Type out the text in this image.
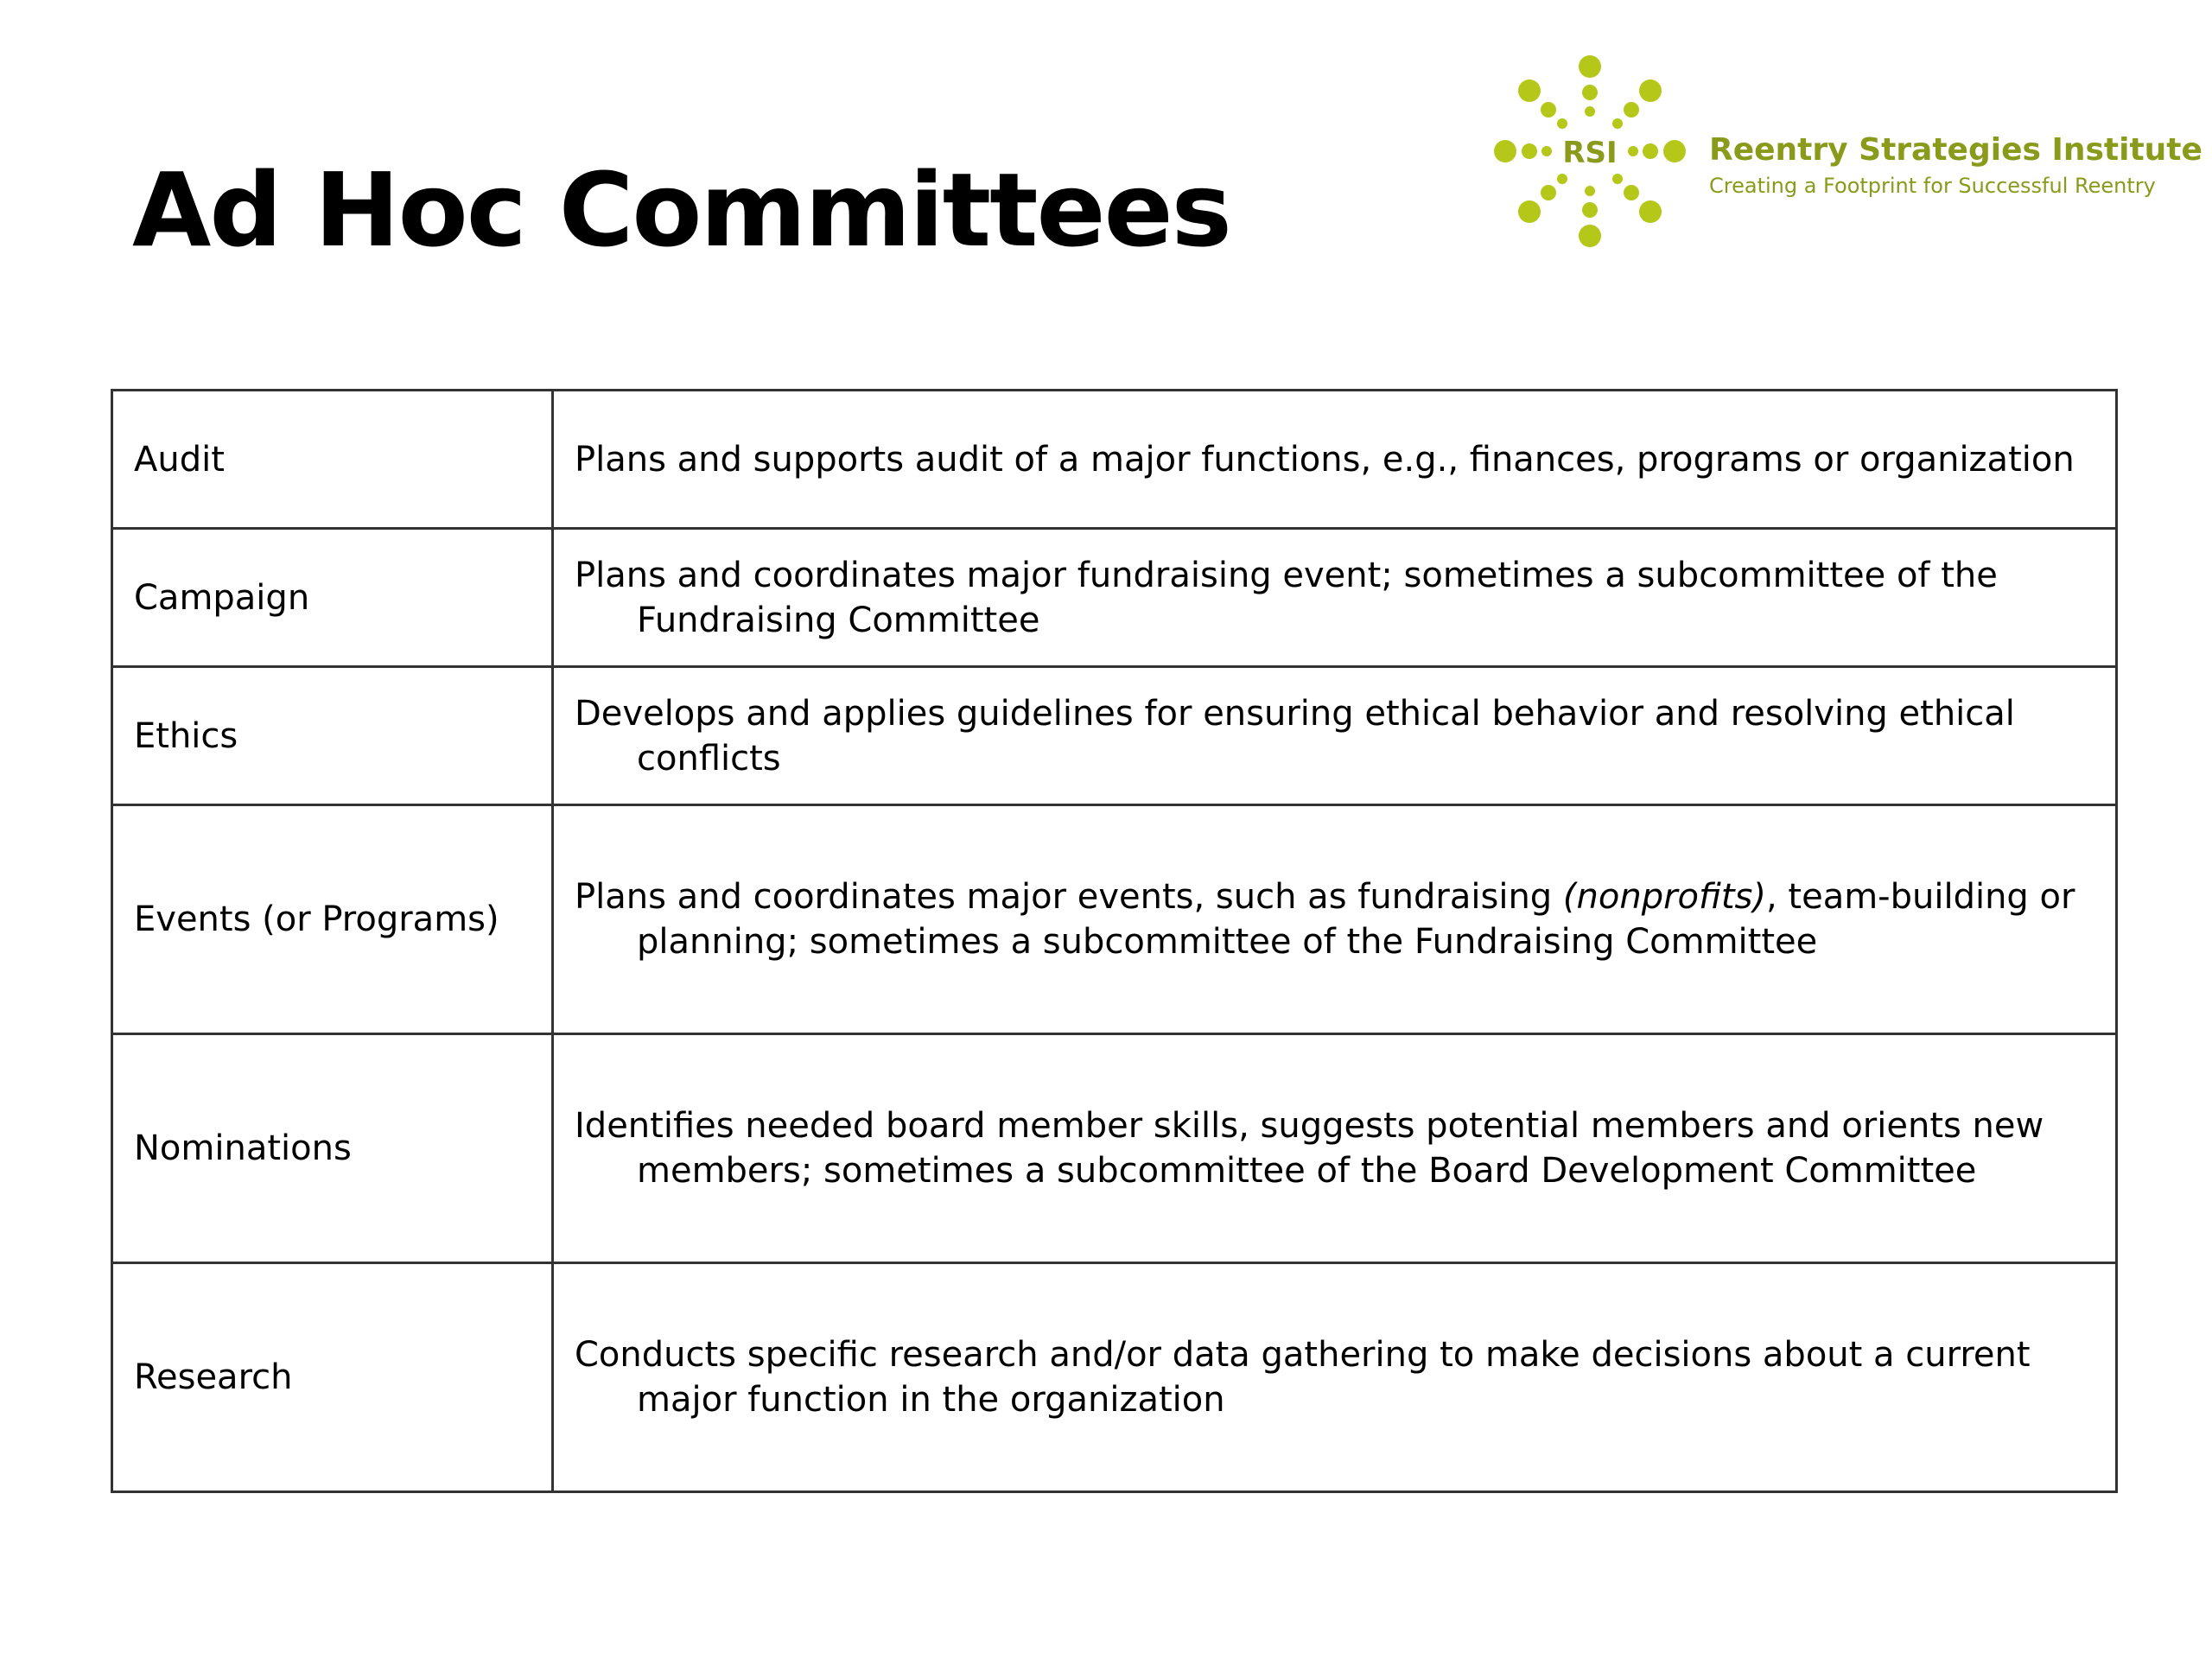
Ad Hoc Committees	RSI	Reentry Strategies Institute
Creating a Footprint for Successful Reentry
Audit	Plans and supports audit of a major functions, e.g., finances, programs or organization
Campaign	Plans and coordinates major fundraising event; sometimes a subcommittee of the Fundraising Committee
Ethics	Develops and applies guidelines for ensuring ethical behavior and resolving ethical conflicts
Events (or Programs)	Plans and coordinates major events, such as fundraising (nonprofits), team-building or planning; sometimes a subcommittee of the Fundraising Committee
Nominations	Identifies needed board member skills, suggests potential members and orients new members; sometimes a subcommittee of the Board Development Committee
Research	Conducts specific research and/or data gathering to make decisions about a current major function in the organization
